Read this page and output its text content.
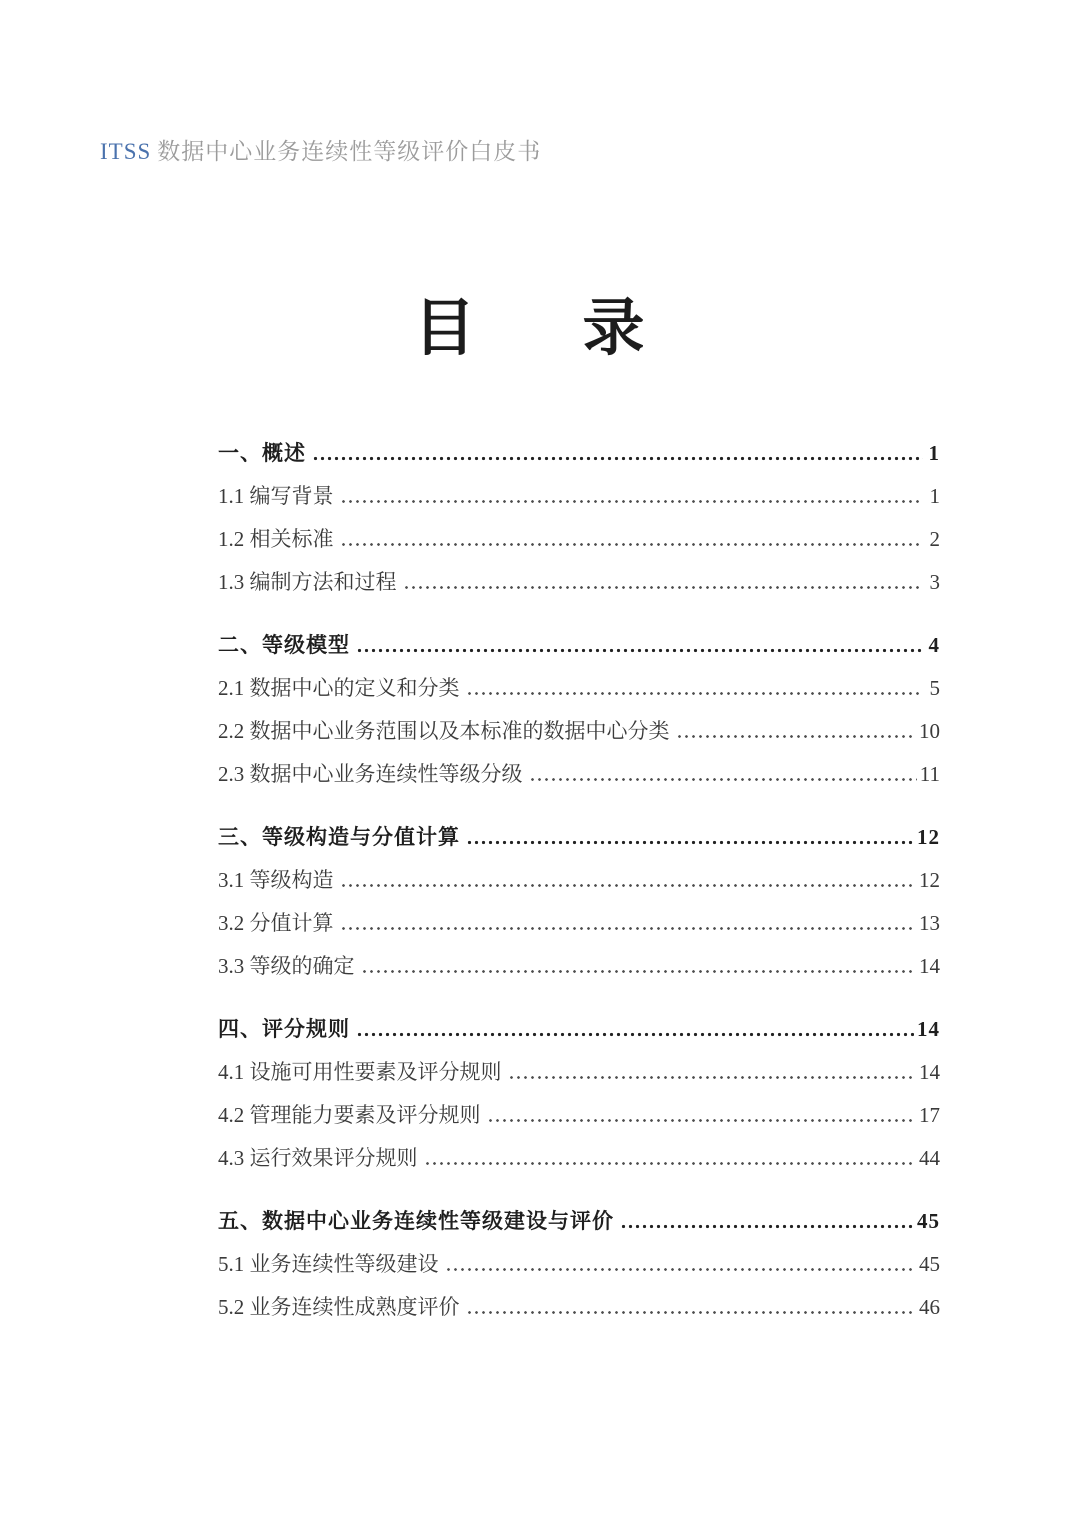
ITSS 数据中心业务连续性等级评价白皮书
目      录
一、概述	1
1.1 编写背景	1
1.2 相关标准	2
1.3 编制方法和过程	3
二、等级模型	4
2.1 数据中心的定义和分类	5
2.2 数据中心业务范围以及本标准的数据中心分类	10
2.3 数据中心业务连续性等级分级	11
三、等级构造与分值计算	12
3.1 等级构造	12
3.2 分值计算	13
3.3 等级的确定	14
四、评分规则	14
4.1 设施可用性要素及评分规则	14
4.2 管理能力要素及评分规则	17
4.3 运行效果评分规则	44
五、数据中心业务连续性等级建设与评价	45
5.1 业务连续性等级建设	45
5.2 业务连续性成熟度评价	46
